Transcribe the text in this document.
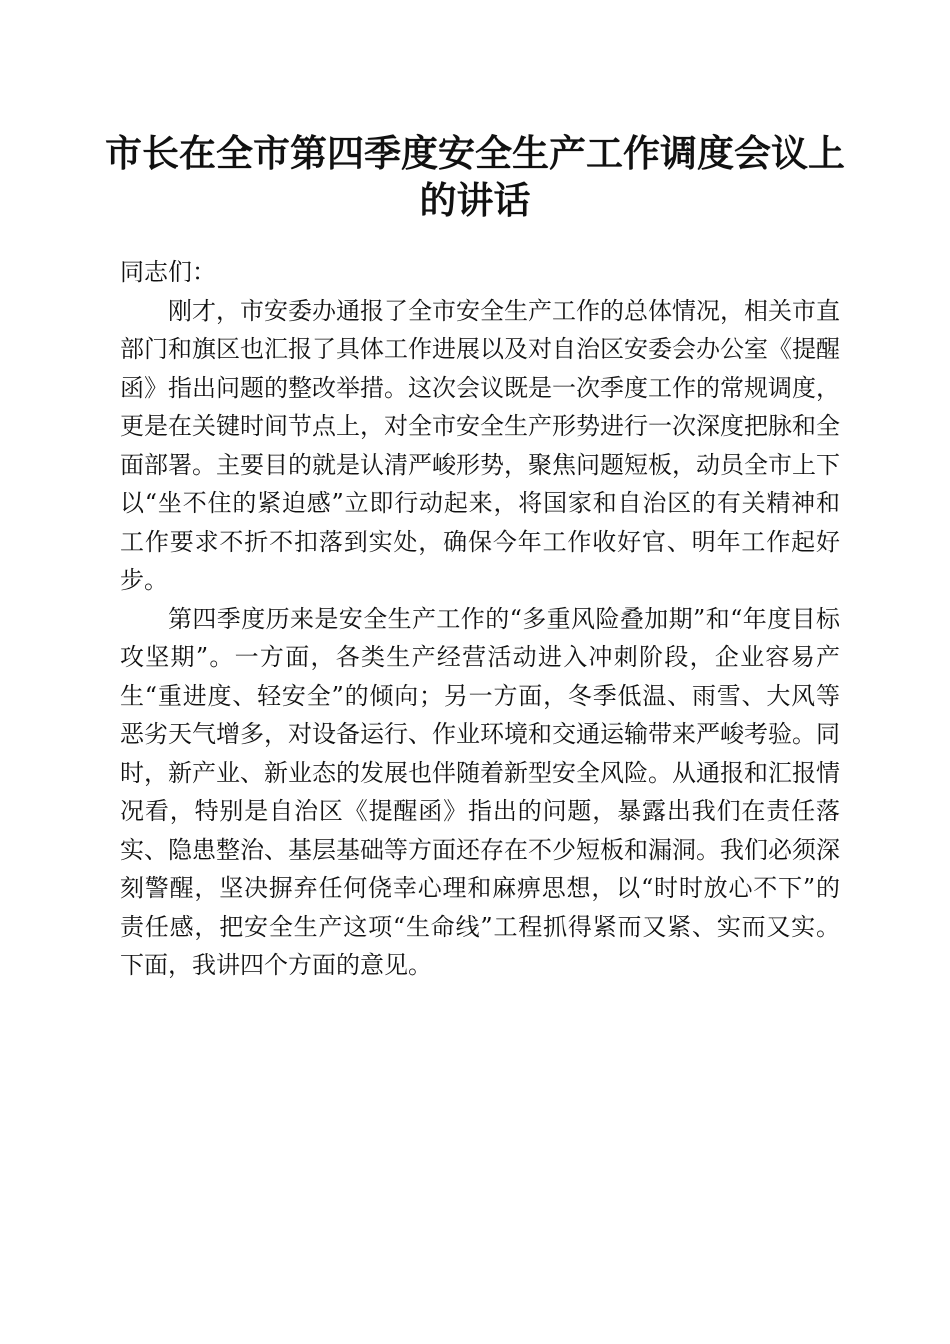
市长在全市第四季度安全生产工作调度会议上
的讲话

同志们：

刚才，市安委办通报了全市安全生产工作的总体情况，相关市直部门和旗区也汇报了具体工作进展以及对自治区安委会办公室《提醒函》指出问题的整改举措。这次会议既是一次季度工作的常规调度，更是在关键时间节点上，对全市安全生产形势进行一次深度把脉和全面部署。主要目的就是认清严峻形势，聚焦问题短板，动员全市上下以“坐不住的紧迫感”立即行动起来，将国家和自治区的有关精神和工作要求不折不扣落到实处，确保今年工作收好官、明年工作起好步。

第四季度历来是安全生产工作的“多重风险叠加期”和“年度目标攻坚期”。一方面，各类生产经营活动进入冲刺阶段，企业容易产生“重进度、轻安全”的倾向；另一方面，冬季低温、雨雪、大风等恶劣天气增多，对设备运行、作业环境和交通运输带来严峻考验。同时，新产业、新业态的发展也伴随着新型安全风险。从通报和汇报情况看，特别是自治区《提醒函》指出的问题，暴露出我们在责任落实、隐患整治、基层基础等方面还存在不少短板和漏洞。我们必须深刻警醒，坚决摒弃任何侥幸心理和麻痹思想，以“时时放心不下”的责任感，把安全生产这项“生命线”工程抓得紧而又紧、实而又实。下面，我讲四个方面的意见。
